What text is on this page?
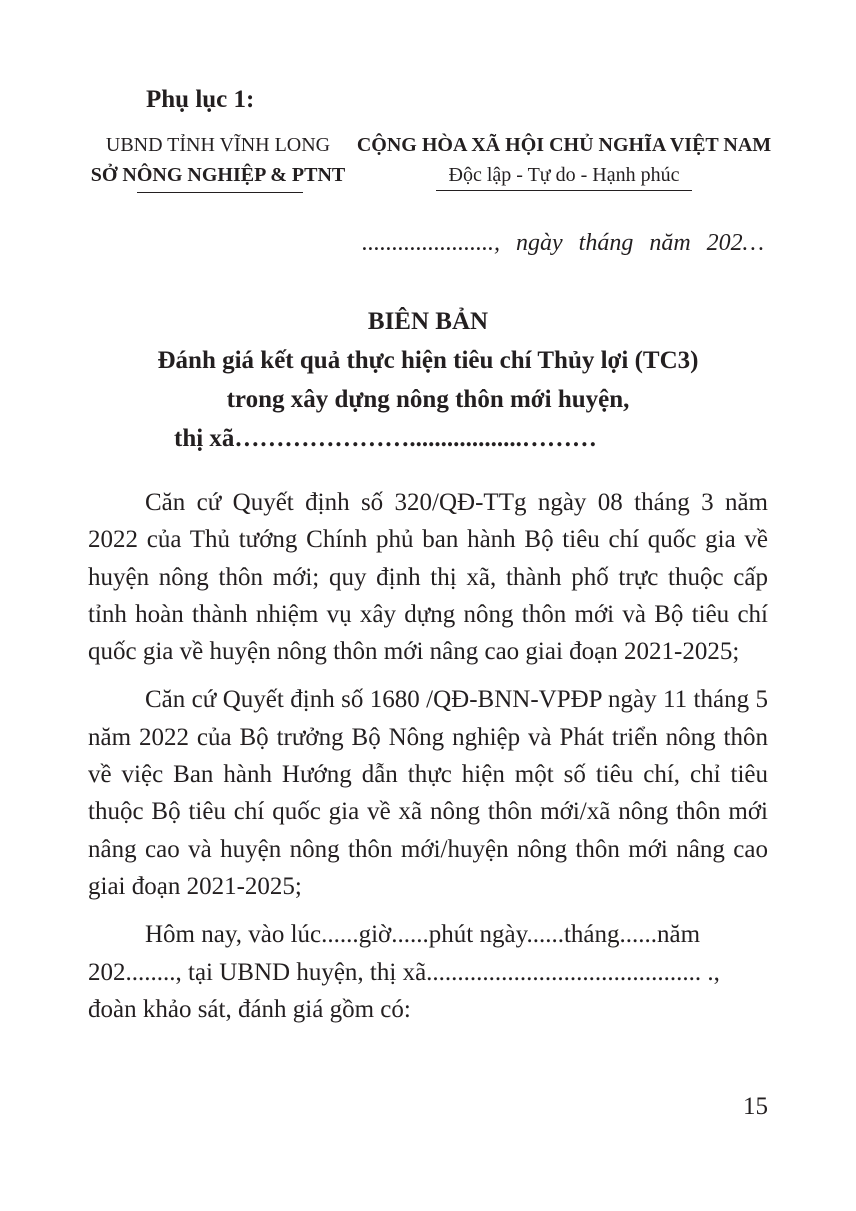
Phụ lục 1:
UBND TỈNH VĨNH LONG
SỞ NÔNG NGHIỆP & PTNT
CỘNG HÒA XÃ HỘI CHỦ NGHĨA VIỆT NAM
Độc lập - Tự do - Hạnh phúc
......................, ngày tháng năm 202…
BIÊN BẢN
Đánh giá kết quả thực hiện tiêu chí Thủy lợi (TC3)
trong xây dựng nông thôn mới huyện,
thị xã…………………..................………

Căn cứ Quyết định số 320/QĐ-TTg ngày 08 tháng 3 năm 2022 của Thủ tướng Chính phủ ban hành Bộ tiêu chí quốc gia về huyện nông thôn mới; quy định thị xã, thành phố trực thuộc cấp tỉnh hoàn thành nhiệm vụ xây dựng nông thôn mới và Bộ tiêu chí quốc gia về huyện nông thôn mới nâng cao giai đoạn 2021-2025;

Căn cứ Quyết định số 1680 /QĐ-BNN-VPĐP ngày 11 tháng 5 năm 2022 của Bộ trưởng Bộ Nông nghiệp và Phát triển nông thôn về việc Ban hành Hướng dẫn thực hiện một số tiêu chí, chỉ tiêu thuộc Bộ tiêu chí quốc gia về xã nông thôn mới/xã nông thôn mới nâng cao và huyện nông thôn mới/huyện nông thôn mới nâng cao giai đoạn 2021-2025;

Hôm nay, vào lúc......giờ......phút ngày......tháng......năm 202........, tại UBND huyện, thị xã............................................ ., đoàn khảo sát, đánh giá gồm có:

15
